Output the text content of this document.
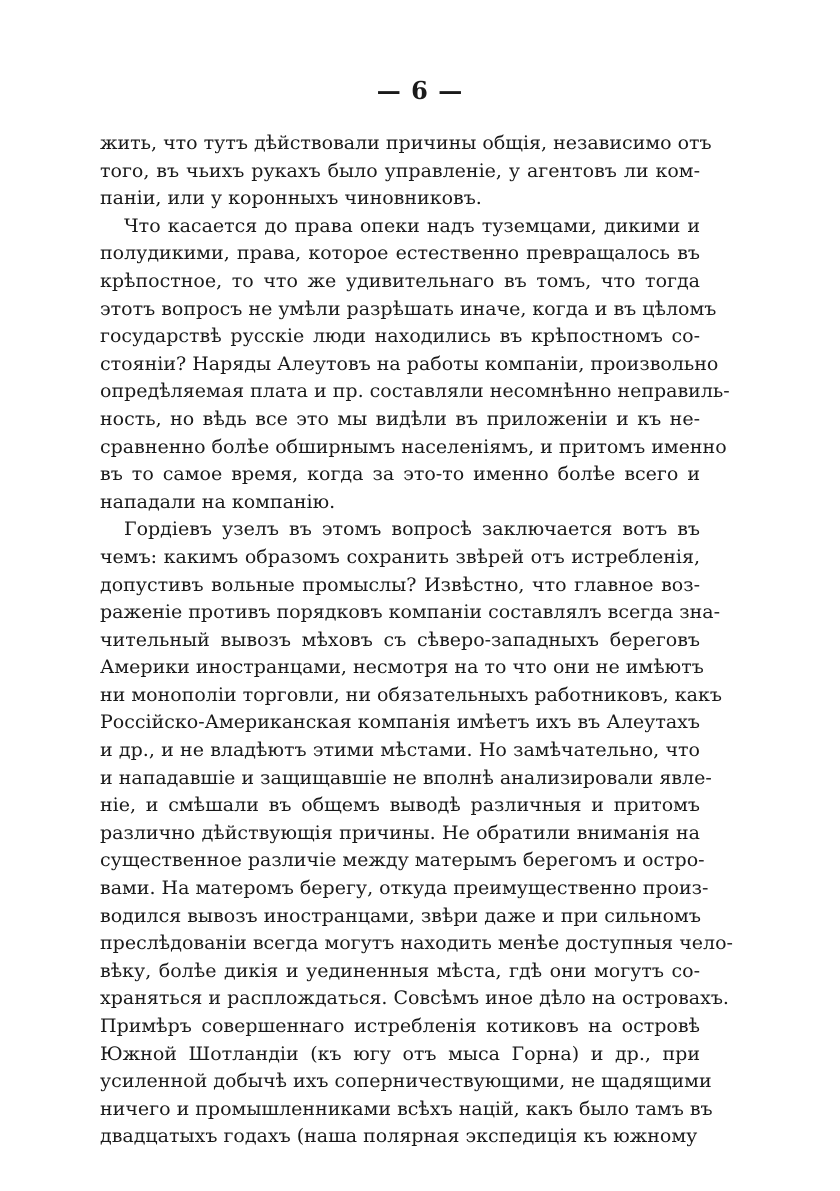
— 6 —
жить, что тутъ дѣйствовали причины общія, независимо отъ
того, въ чьихъ рукахъ было управленіе, у агентовъ ли ком-
паніи, или у коронныхъ чиновниковъ.
Что касается до права опеки надъ туземцами, дикими и
полудикими, права, которое естественно превращалось въ
крѣпостное, то что же удивительнаго въ томъ, что тогда
этотъ вопросъ не умѣли разрѣшать иначе, когда и въ цѣломъ
государствѣ русскіе люди находились въ крѣпостномъ со-
стояніи? Наряды Алеутовъ на работы компаніи, произвольно
опредѣляемая плата и пр. составляли несомнѣнно неправиль-
ность, но вѣдь все это мы видѣли въ приложеніи и къ не-
сравненно болѣе обширнымъ населеніямъ, и притомъ именно
въ то самое время, когда за это-то именно болѣе всего и
нападали на компанію.
Гордіевъ узелъ въ этомъ вопросѣ заключается вотъ въ
чемъ: какимъ образомъ сохранить звѣрей отъ истребленія,
допустивъ вольные промыслы? Извѣстно, что главное воз-
раженіе противъ порядковъ компаніи составлялъ всегда зна-
чительный вывозъ мѣховъ съ сѣверо-западныхъ береговъ
Америки иностранцами, несмотря на то что они не имѣютъ
ни монополіи торговли, ни обязательныхъ работниковъ, какъ
Россійско-Американская компанія имѣетъ ихъ въ Алеутахъ
и др., и не владѣютъ этими мѣстами. Но замѣчательно, что
и нападавшіе и защищавшіе не вполнѣ анализировали явле-
ніе, и смѣшали въ общемъ выводѣ различныя и притомъ
различно дѣйствующія причины. Не обратили вниманія на
существенное различіе между матерымъ берегомъ и остро-
вами. На матеромъ берегу, откуда преимущественно произ-
водился вывозъ иностранцами, звѣри даже и при сильномъ
преслѣдованіи всегда могутъ находить менѣе доступныя чело-
вѣку, болѣе дикія и уединенныя мѣста, гдѣ они могутъ со-
храняться и расплождаться. Совсѣмъ иное дѣло на островахъ.
Примѣръ совершеннаго истребленія котиковъ на островѣ
Южной Шотландіи (къ югу отъ мыса Горна) и др., при
усиленной добычѣ ихъ соперничествующими, не щадящими
ничего и промышленниками всѣхъ націй, какъ было тамъ въ
двадцатыхъ годахъ (наша полярная экспедиція къ южному
